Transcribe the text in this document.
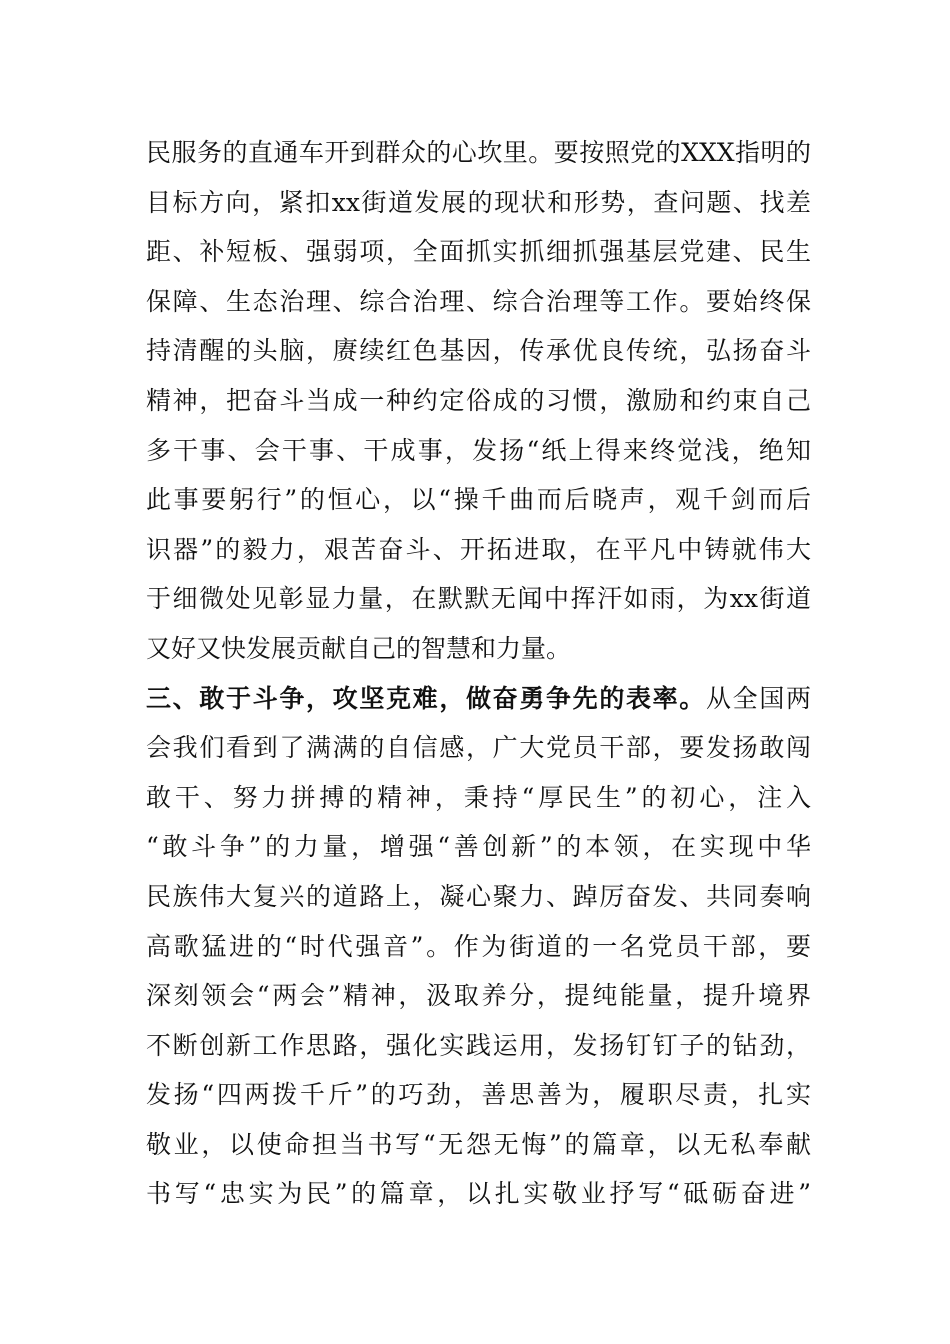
民服务的直通车开到群众的心坎里。要按照党的XXX指明的
目标方向，紧扣xx街道发展的现状和形势，查问题、找差
距、补短板、强弱项，全面抓实抓细抓强基层党建、民生
保障、生态治理、综合治理、综合治理等工作。要始终保
持清醒的头脑，赓续红色基因，传承优良传统，弘扬奋斗
精神，把奋斗当成一种约定俗成的习惯，激励和约束自己
多干事、会干事、干成事，发扬“纸上得来终觉浅，绝知
此事要躬行”的恒心，以“操千曲而后晓声，观千剑而后
识器”的毅力，艰苦奋斗、开拓进取，在平凡中铸就伟大
于细微处见彰显力量，在默默无闻中挥汗如雨，为xx街道
又好又快发展贡献自己的智慧和力量。
三、敢于斗争，攻坚克难，做奋勇争先的表率。从全国两
会我们看到了满满的自信感，广大党员干部，要发扬敢闯
敢干、努力拼搏的精神，秉持“厚民生”的初心，注入
“敢斗争”的力量，增强“善创新”的本领，在实现中华
民族伟大复兴的道路上，凝心聚力、踔厉奋发、共同奏响
高歌猛进的“时代强音”。作为街道的一名党员干部，要
深刻领会“两会”精神，汲取养分，提纯能量，提升境界
不断创新工作思路，强化实践运用，发扬钉钉子的钻劲，
发扬“四两拨千斤”的巧劲，善思善为，履职尽责，扎实
敬业，以使命担当书写“无怨无悔”的篇章，以无私奉献
书写“忠实为民”的篇章，以扎实敬业抒写“砥砺奋进”
